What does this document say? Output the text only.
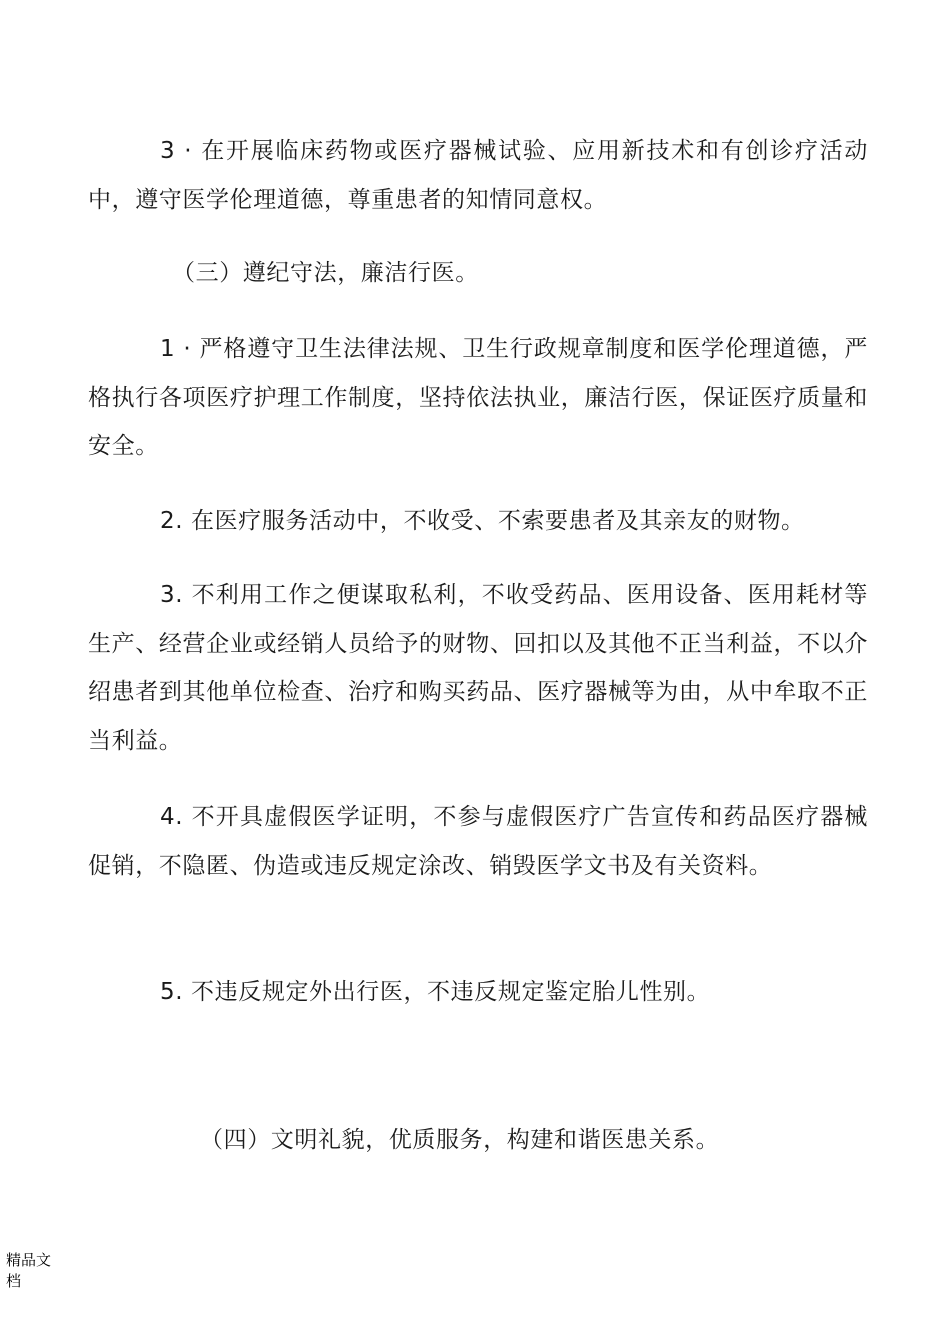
3 · 在开展临床药物或医疗器械试验、应用新技术和有创诊疗活动中，遵守医学伦理道德，尊重患者的知情同意权。

（三）遵纪守法，廉洁行医。

1 · 严格遵守卫生法律法规、卫生行政规章制度和医学伦理道德，严格执行各项医疗护理工作制度，坚持依法执业，廉洁行医，保证医疗质量和安全。

2. 在医疗服务活动中，不收受、不索要患者及其亲友的财物。

3. 不利用工作之便谋取私利，不收受药品、医用设备、医用耗材等生产、经营企业或经销人员给予的财物、回扣以及其他不正当利益，不以介绍患者到其他单位检查、治疗和购买药品、医疗器械等为由，从中牟取不正当利益。

4. 不开具虚假医学证明，不参与虚假医疗广告宣传和药品医疗器械促销，不隐匿、伪造或违反规定涂改、销毁医学文书及有关资料。

5. 不违反规定外出行医，不违反规定鉴定胎儿性别。

（四）文明礼貌，优质服务，构建和谐医患关系。

精品文档
